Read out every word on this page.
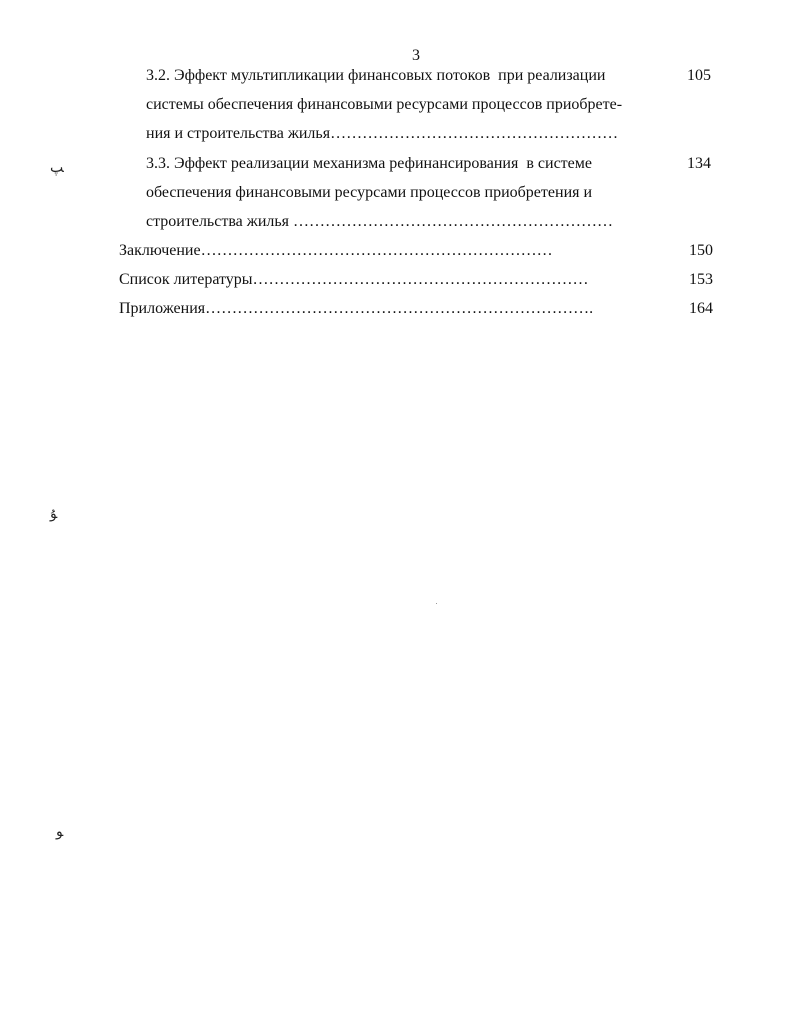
3
3.2. Эффект мультипликации финансовых потоков  при реализации
системы обеспечения финансовыми ресурсами процессов приобрете-
ния и строительства жилья………………………………………………
105
3.3. Эффект реализации механизма рефинансирования  в системе
обеспечения финансовыми ресурсами процессов приобретения и
строительства жилья ……………………………………………………
134
Заключение…………………………………………………………	150
Список литературы………………………………………………………	153
Приложения……………………………………………………………….	164
ﭗ
ﯘ
ﻮ
